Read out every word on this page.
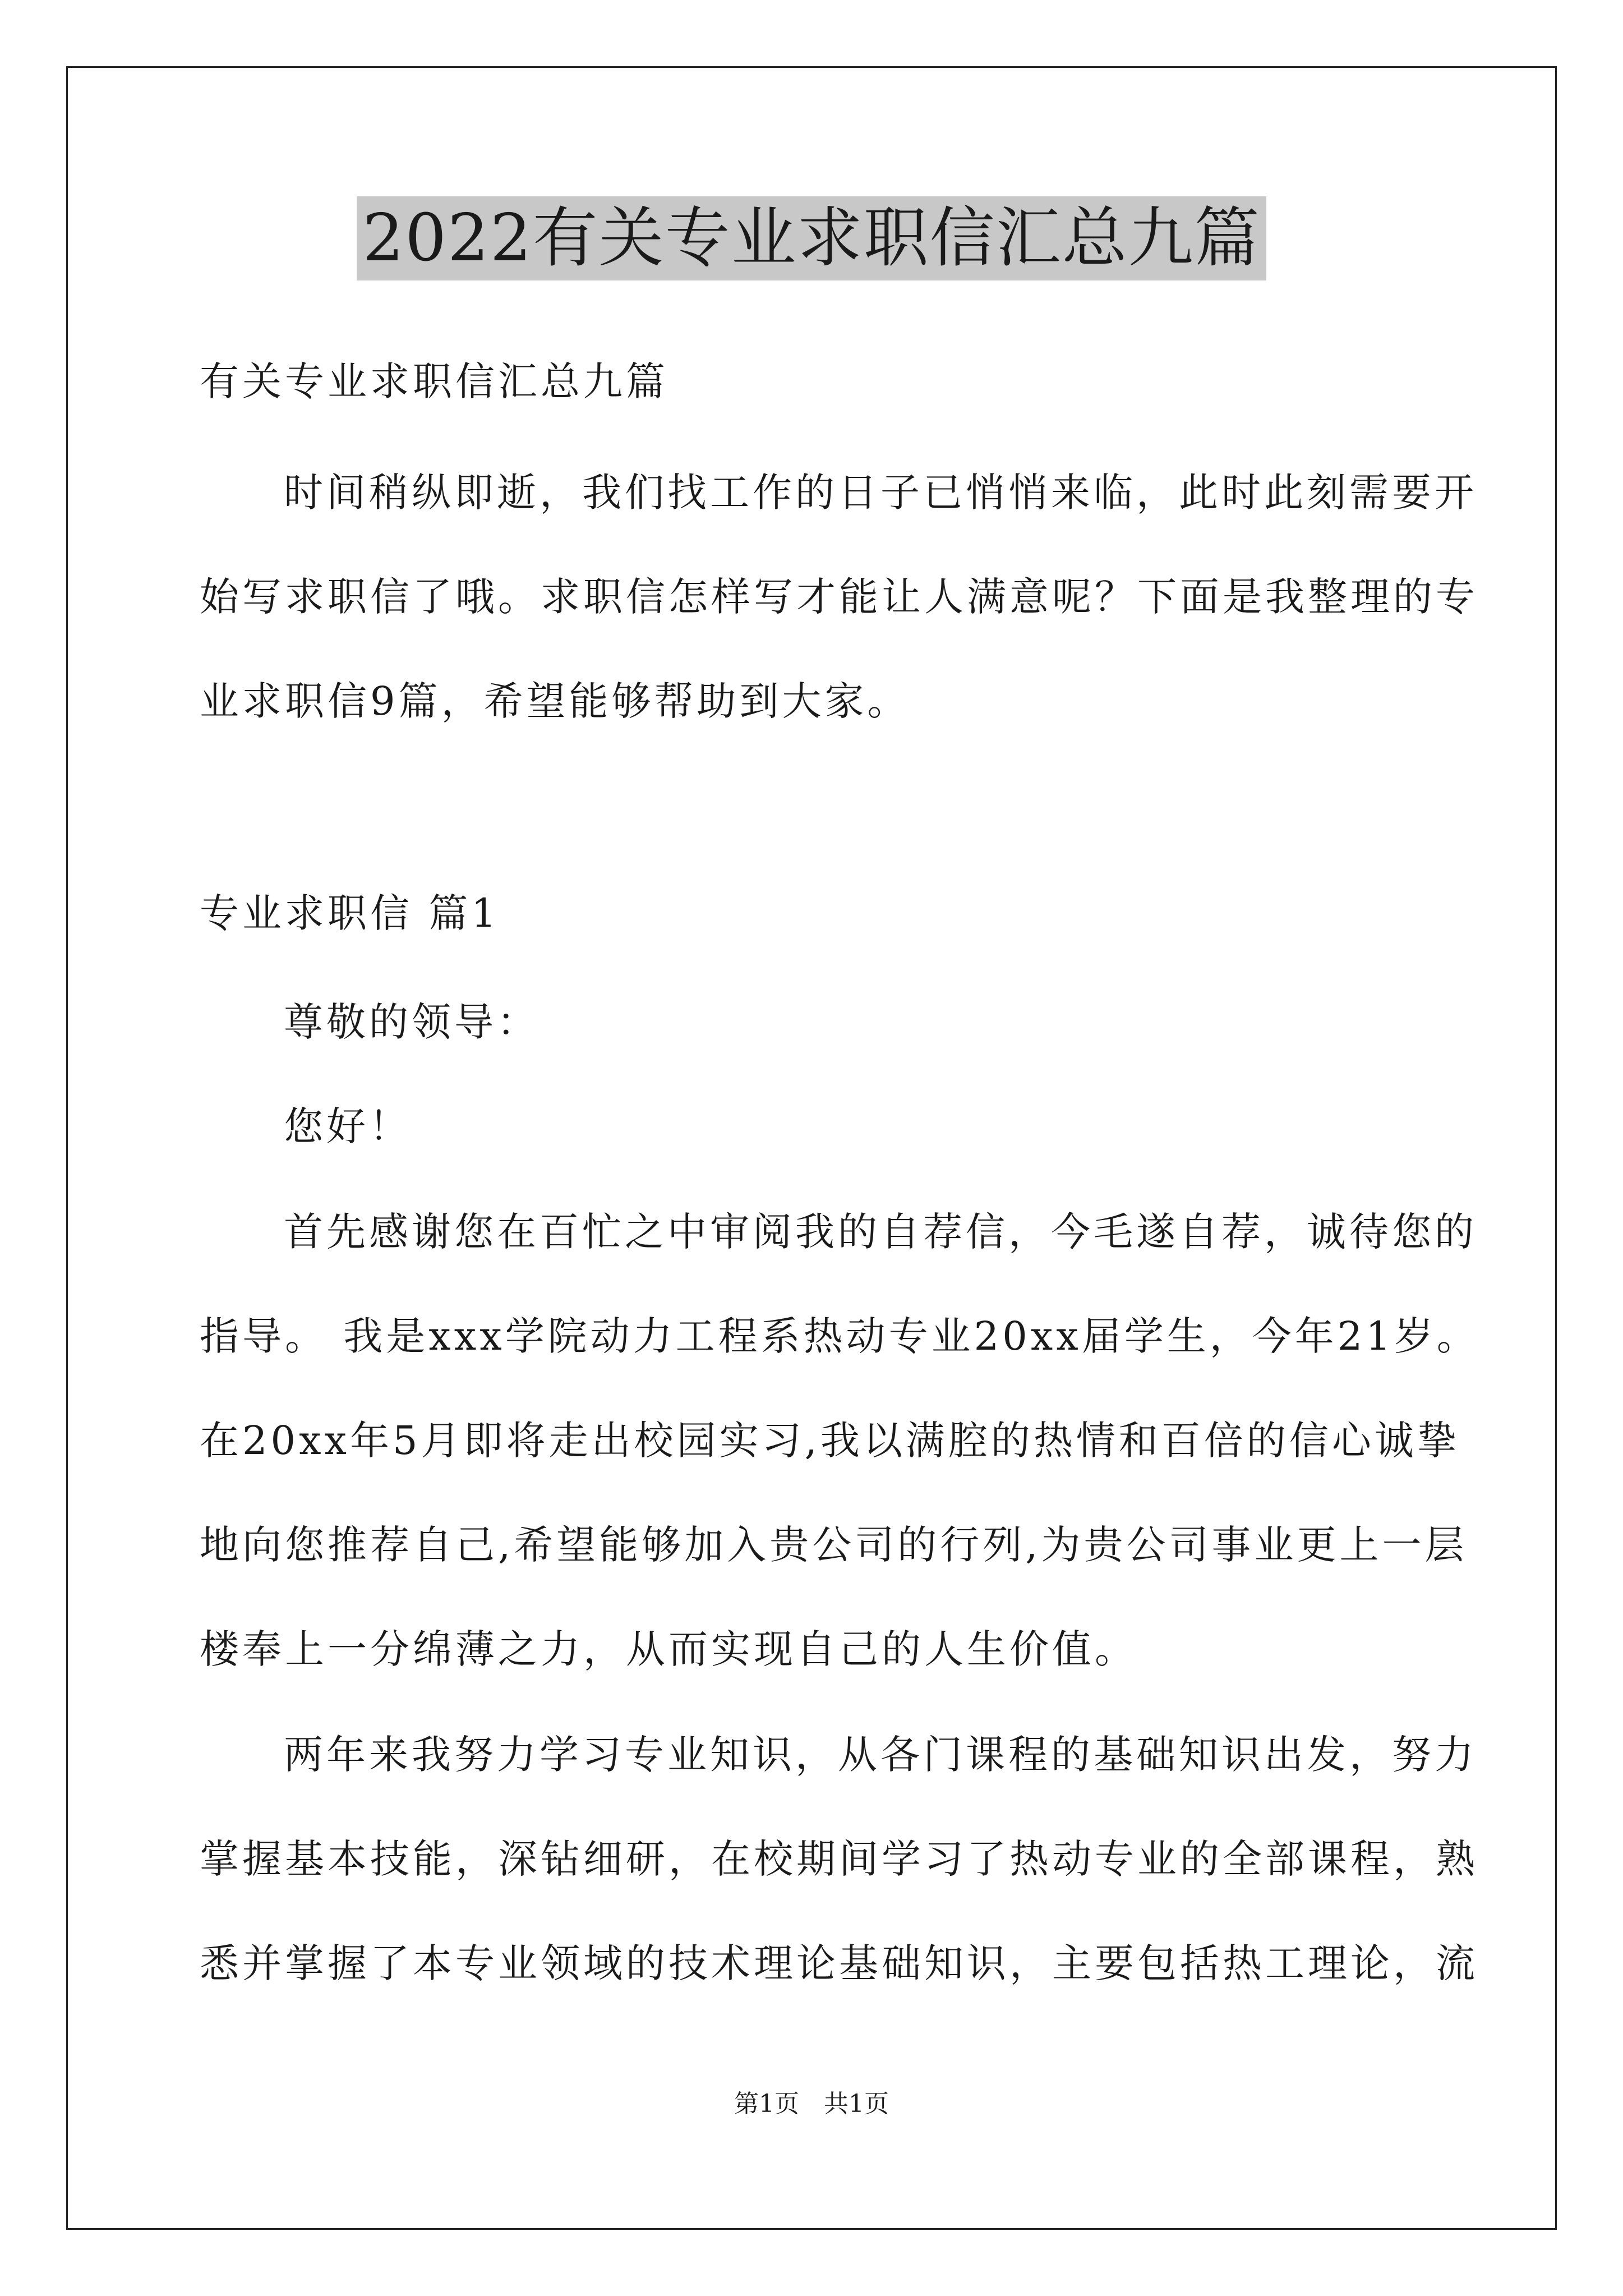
2022有关专业求职信汇总九篇
有关专业求职信汇总九篇
时间稍纵即逝，我们找工作的日子已悄悄来临，此时此刻需要开
始写求职信了哦。求职信怎样写才能让人满意呢？下面是我整理的专
业求职信9篇，希望能够帮助到大家。
专业求职信 篇1
尊敬的领导：
您好！
首先感谢您在百忙之中审阅我的自荐信，今毛遂自荐，诚待您的
指导。 我是xxx学院动力工程系热动专业20xx届学生，今年21岁。
在20xx年5月即将走出校园实习,我以满腔的热情和百倍的信心诚挚
地向您推荐自己,希望能够加入贵公司的行列,为贵公司事业更上一层
楼奉上一分绵薄之力，从而实现自己的人生价值。
两年来我努力学习专业知识，从各门课程的基础知识出发，努力
掌握基本技能，深钻细研，在校期间学习了热动专业的全部课程，熟
悉并掌握了本专业领域的技术理论基础知识，主要包括热工理论，流
第1页　共1页
